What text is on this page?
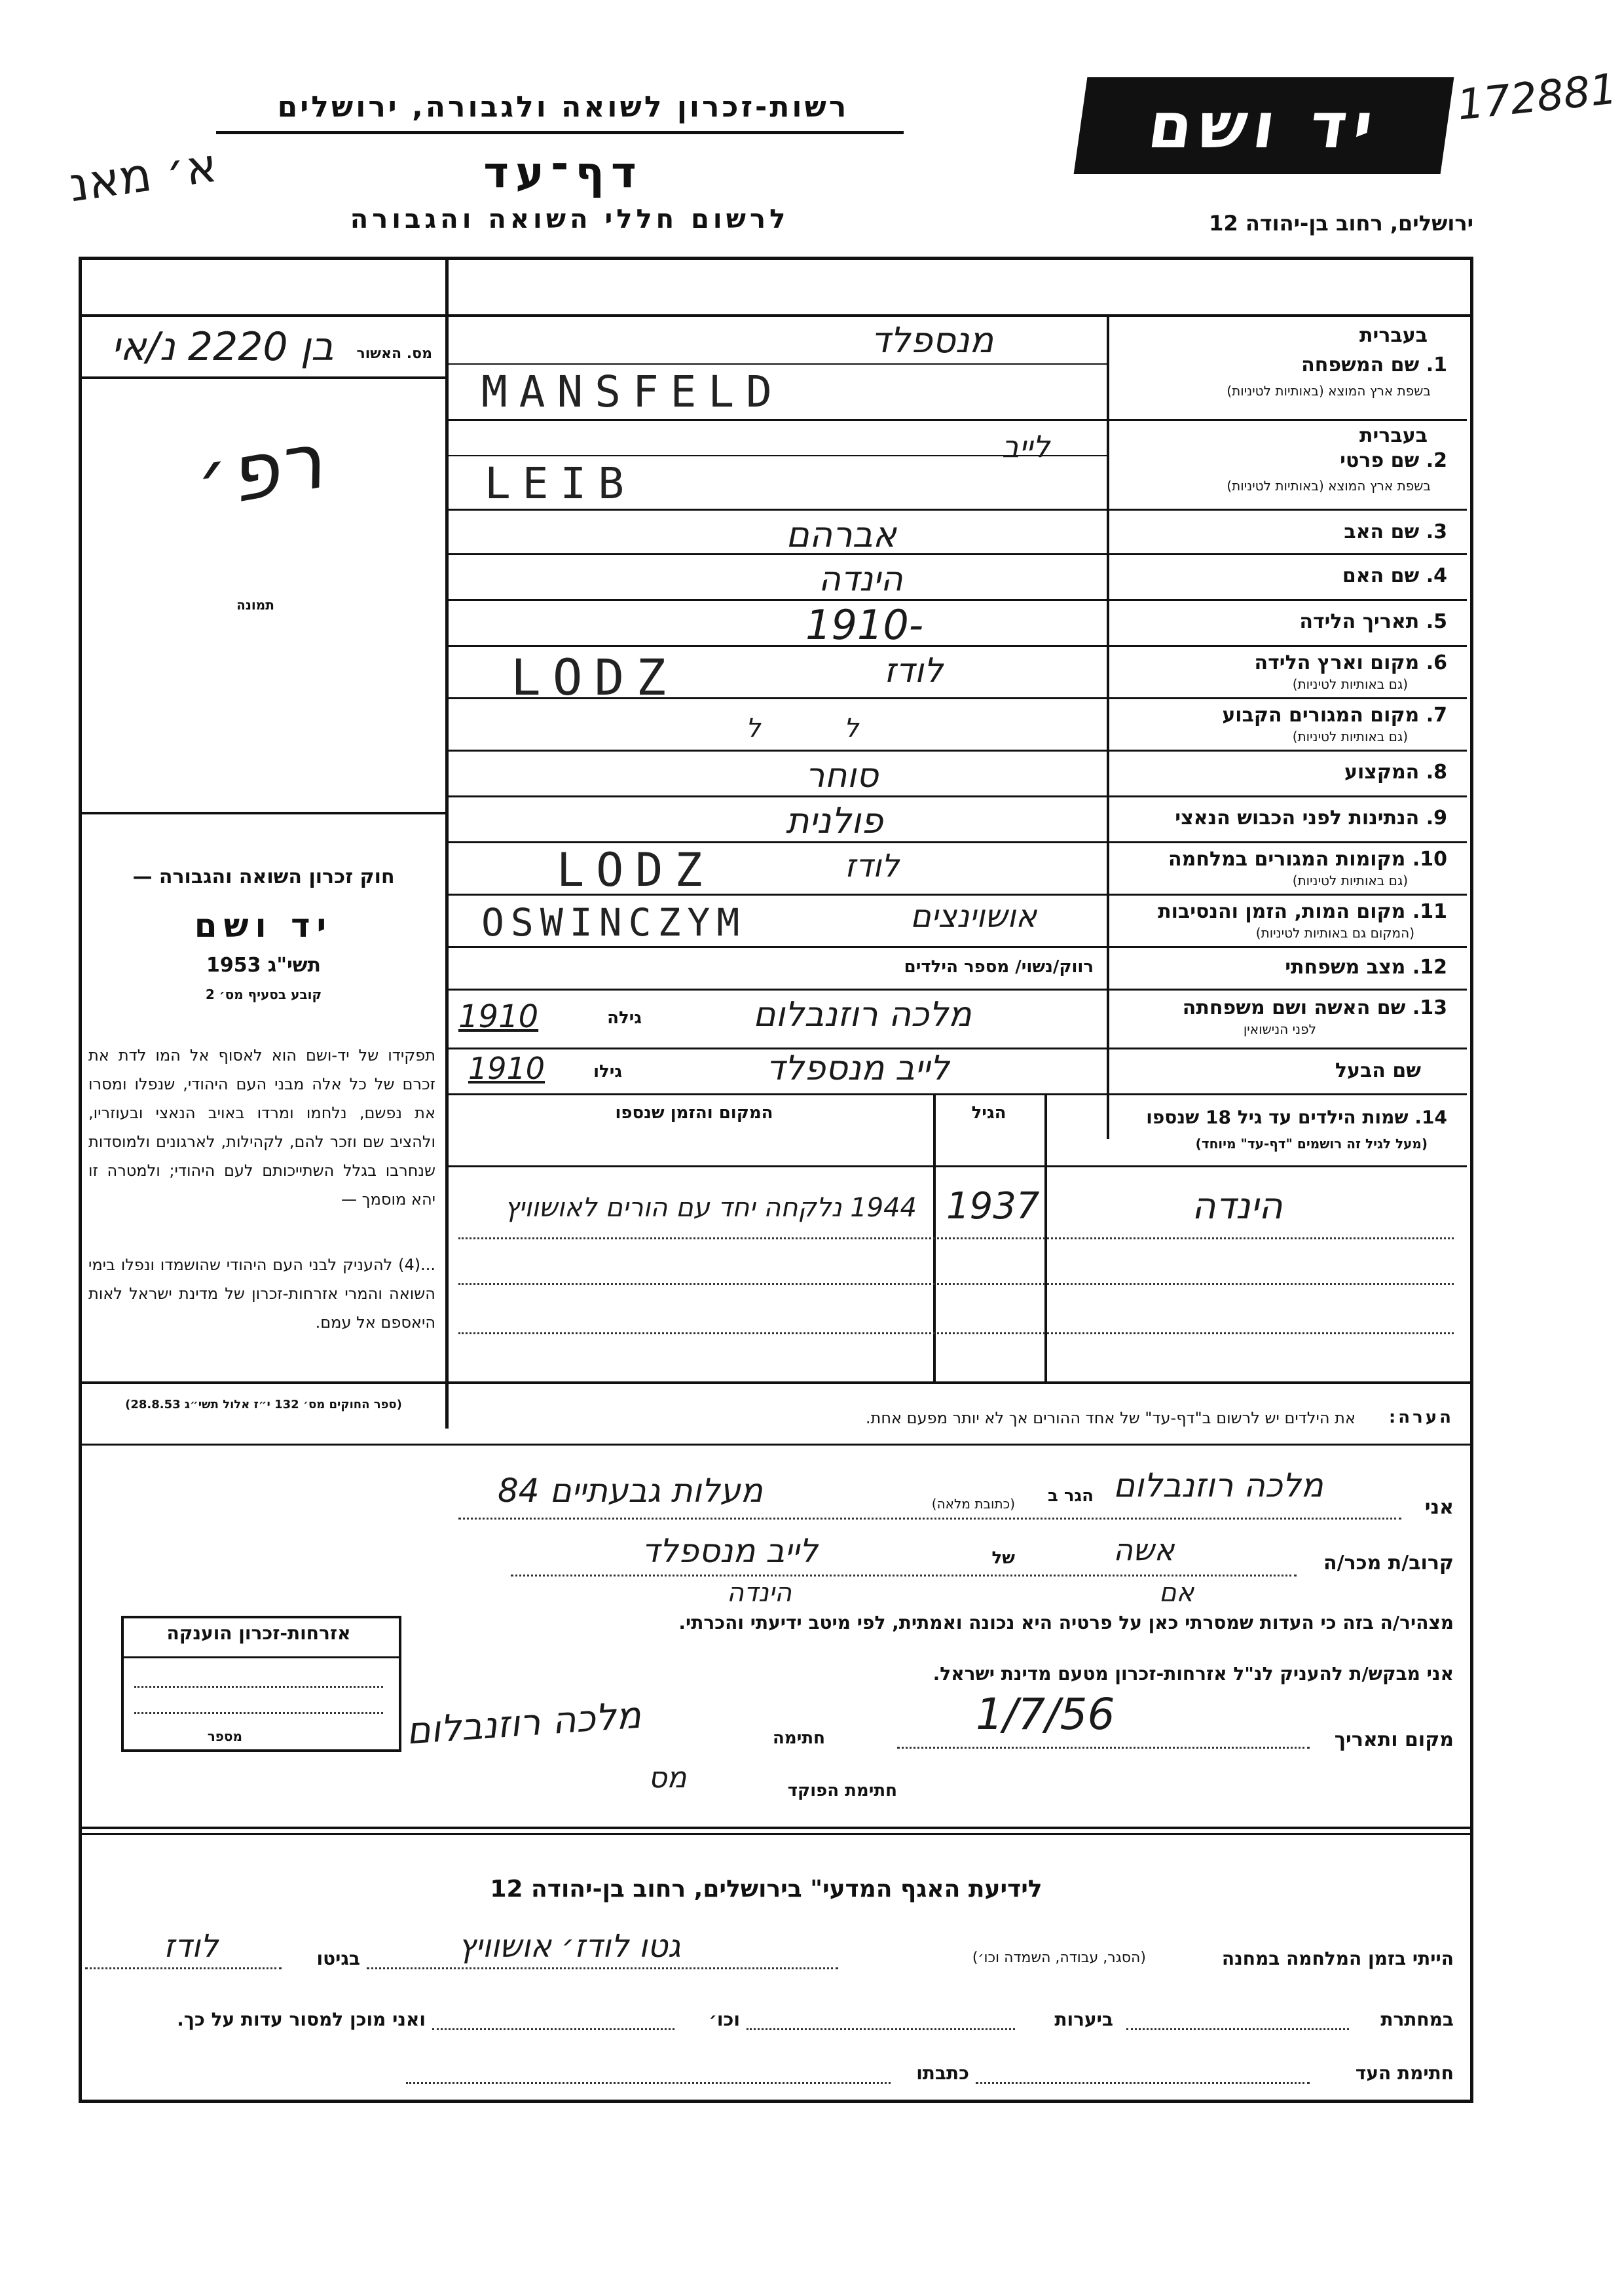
רשות-זכרון לשואה ולגבורה, ירושלים
דף־עד
לרשום חללי השואה והגבורה
א׳ מאנ
יד ושם	172881
ירושלים, רחוב בן-יהודה 12
מס. האשור
בן 2220 נ/אי
רפ׳
תמונה
חוק זכרון השואה והגבורה —
יד ושם
תשי"ג 1953
קובע בסעיף מס׳ 2
תפקידו של יד-ושם הוא לאסוף אל המו לדת את זכרם של כל אלה מבני העם היהודי, שנפלו ומסרו את נפשם, נלחמו ומרדו באויב הנאצי ובעוזריו, ולהציב שם וזכר להם, לקהילות, לארגונים ולמוסדות שנחרבו בגלל השתייכותם לעם היהודי; ולמטרה זו יהא מוסמך —
...(4) להעניק לבני העם היהודי שהושמדו ונפלו בימי השואה והמרי אזרחות-זכרון של מדינת ישראל לאות היאספם אל עמם.
(ספר החוקים מס׳ 132 י״ז אלול תשי״ג 28.8.53)
בעברית
1. שם המשפחה
בשפת ארץ המוצא (באותיות לטיניות)
מנספלד
MANSFELD
בעברית
2. שם פרטי
בשפת ארץ המוצא (באותיות לטיניות)
לייב
LEIB
3. שם האב
אברהם
4. שם האם
הינדה
5. תאריך הלידה
1910-
6. מקום וארץ הלידה
(גם באותיות לטיניות)
לודז
LODZ
7. מקום המגורים הקבוע
(גם באותיות לטיניות)
ל          ל
8. המקצוע
סוחר
9. הנתינות לפני הכבוש הנאצי
פולנית
10. מקומות המגורים במלחמה
(גם באותיות לטיניות)
לודז
LODZ
11. מקום המות, הזמן והנסיבות
(המקום גם באותיות לטיניות)
אושוינצים
OSWINCZYM
12. מצב משפחתי
רווק/נשוי/ מספר הילדים
13. שם האשה ושם משפחתה
לפני הנישואין
מלכה רוזנבלום
גילה
1910
שם הבעל
לייב מנספלד
גילו
1910
14. שמות הילדים עד גיל 18 שנספו
(מעל לגיל זה רושמים "דף-עד" מיוחד)
הגיל
המקום והזמן שנספו
הינדה
1937
1944 נלקחה יחד עם הורים לאושוויץ
הערה:
את הילדים יש לרשום ב"דף-עד" של אחד ההורים אך לא יותר מפעם אחת.
אני
מלכה רוזנבלום
הגר ב
(כתובת מלאה)
מעלות גבעתיים 84
קרוב/ת מכר/ה
אשה
של
לייב מנספלד
אם
הינדה
מצהיר/ה בזה כי העדות שמסרתי כאן על פרטיה היא נכונה ואמתית, לפי מיטב ידיעתי והכרתי.
אני מבקש/ת להעניק לנ"ל אזרחות-זכרון מטעם מדינת ישראל.
מקום ותאריך
1/7/56
חתימה
מלכה רוזנבלום
חתימת הפוקד
מס
אזרחות-זכרון הוענקה
מספר
לידיעת האגף המדעי" בירושלים, רחוב בן-יהודה 12
הייתי בזמן המלחמה במחנה
(הסגר, עבודה, השמדה וכו׳)
גטו לודז׳ אושוויץ
בגיטו
לודז
במחתרת
ביערות
וכו׳
ואני מוכן למסור עדות על כך.
חתימת העד
כתבתו
